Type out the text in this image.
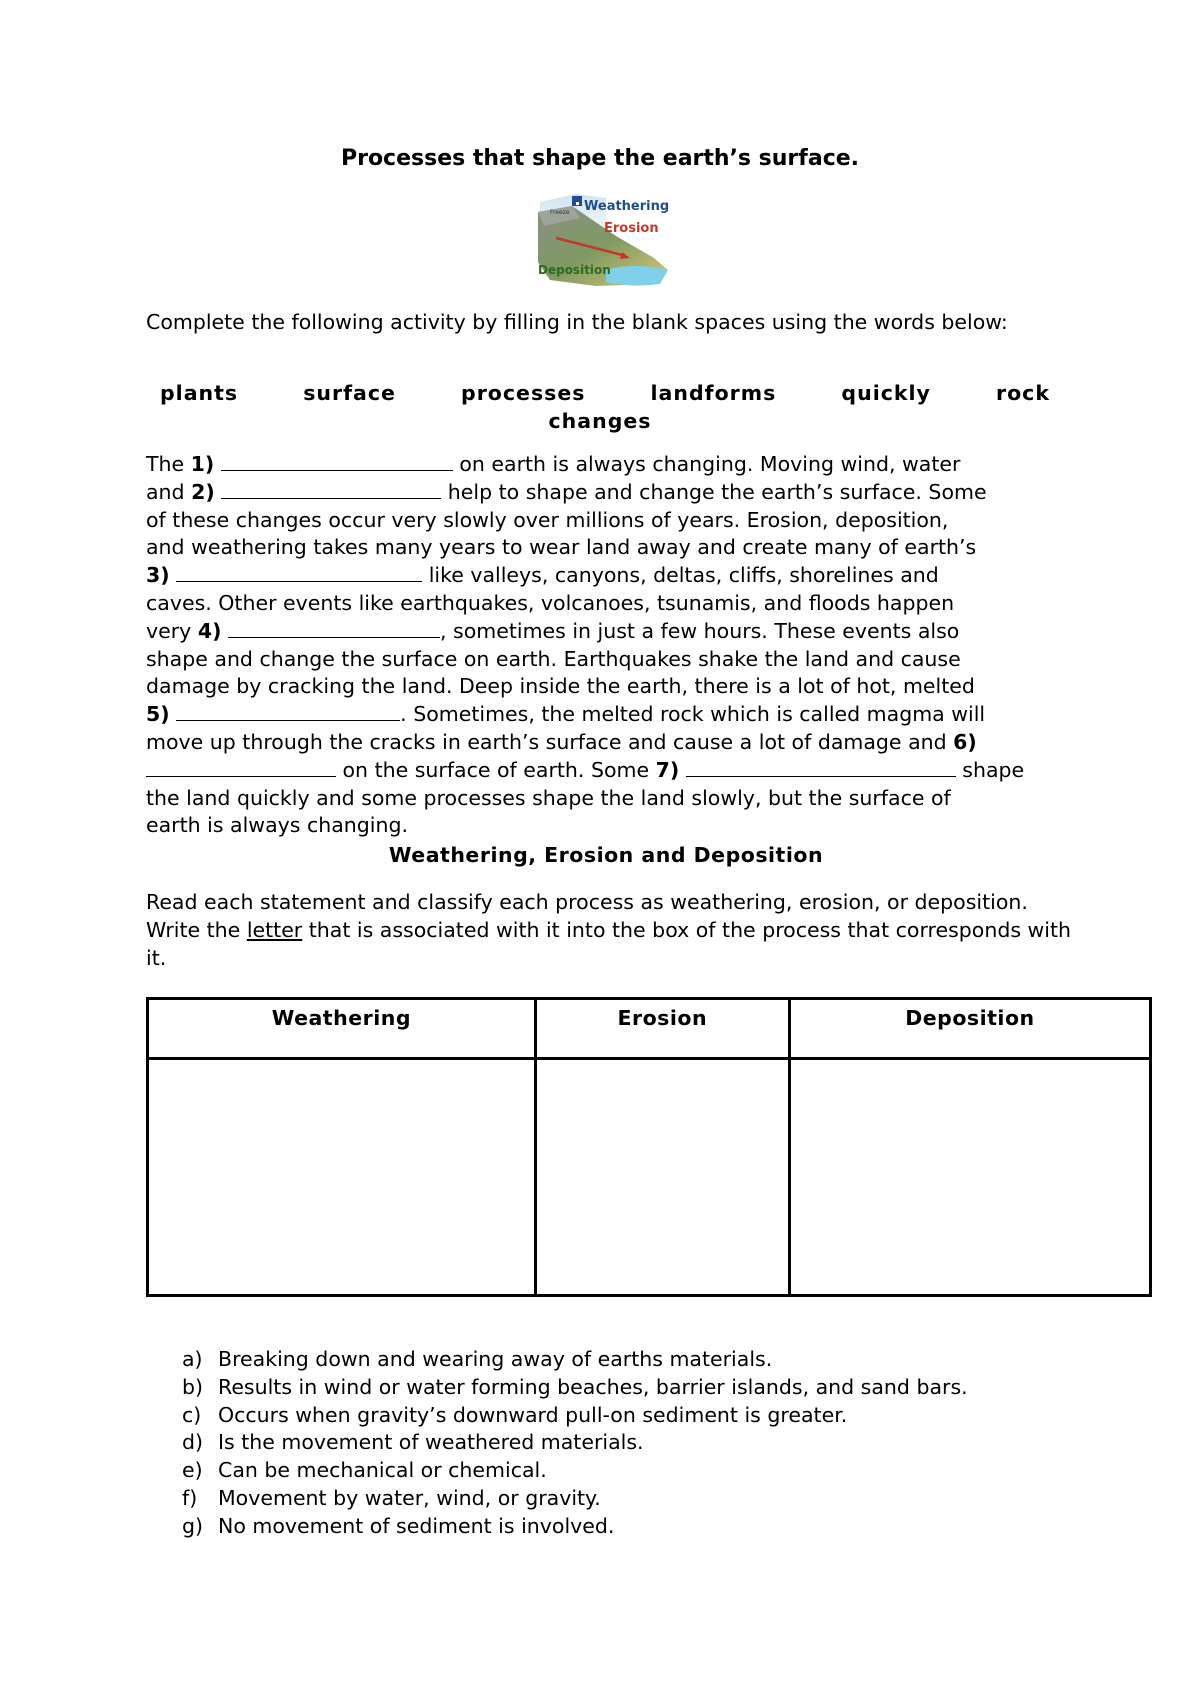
Processes that shape the earth’s surface.
Weathering
Freeze
Erosion
Deposition
Complete the following activity by filling in the blank spaces using the words below:
plants	surface	processes	landforms	quickly	rock
changes
The 1)	on earth is always changing. Moving wind, water
and 2)	help to shape and change the earth’s surface. Some
of these changes occur very slowly over millions of years. Erosion, deposition,
and weathering takes many years to wear land away and create many of earth’s
3)	like valleys, canyons, deltas, cliffs, shorelines and
caves. Other events like earthquakes, volcanoes, tsunamis, and floods happen
very 4)	, sometimes in just a few hours. These events also
shape and change the surface on earth. Earthquakes shake the land and cause
damage by cracking the land. Deep inside the earth, there is a lot of hot, melted
5)	. Sometimes, the melted rock which is called magma will
move up through the cracks in earth’s surface and cause a lot of damage and 6)
on the surface of earth. Some 7)	shape
the land quickly and some processes shape the land slowly, but the surface of
earth is always changing.
Weathering, Erosion and Deposition
Read each statement and classify each process as weathering, erosion, or deposition. Write the letter that is associated with it into the box of the process that corresponds with it.
Weathering	Erosion	Deposition

a) Breaking down and wearing away of earths materials.
b) Results in wind or water forming beaches, barrier islands, and sand bars.
c) Occurs when gravity’s downward pull-on sediment is greater.
d) Is the movement of weathered materials.
e) Can be mechanical or chemical.
f) Movement by water, wind, or gravity.
g) No movement of sediment is involved.
